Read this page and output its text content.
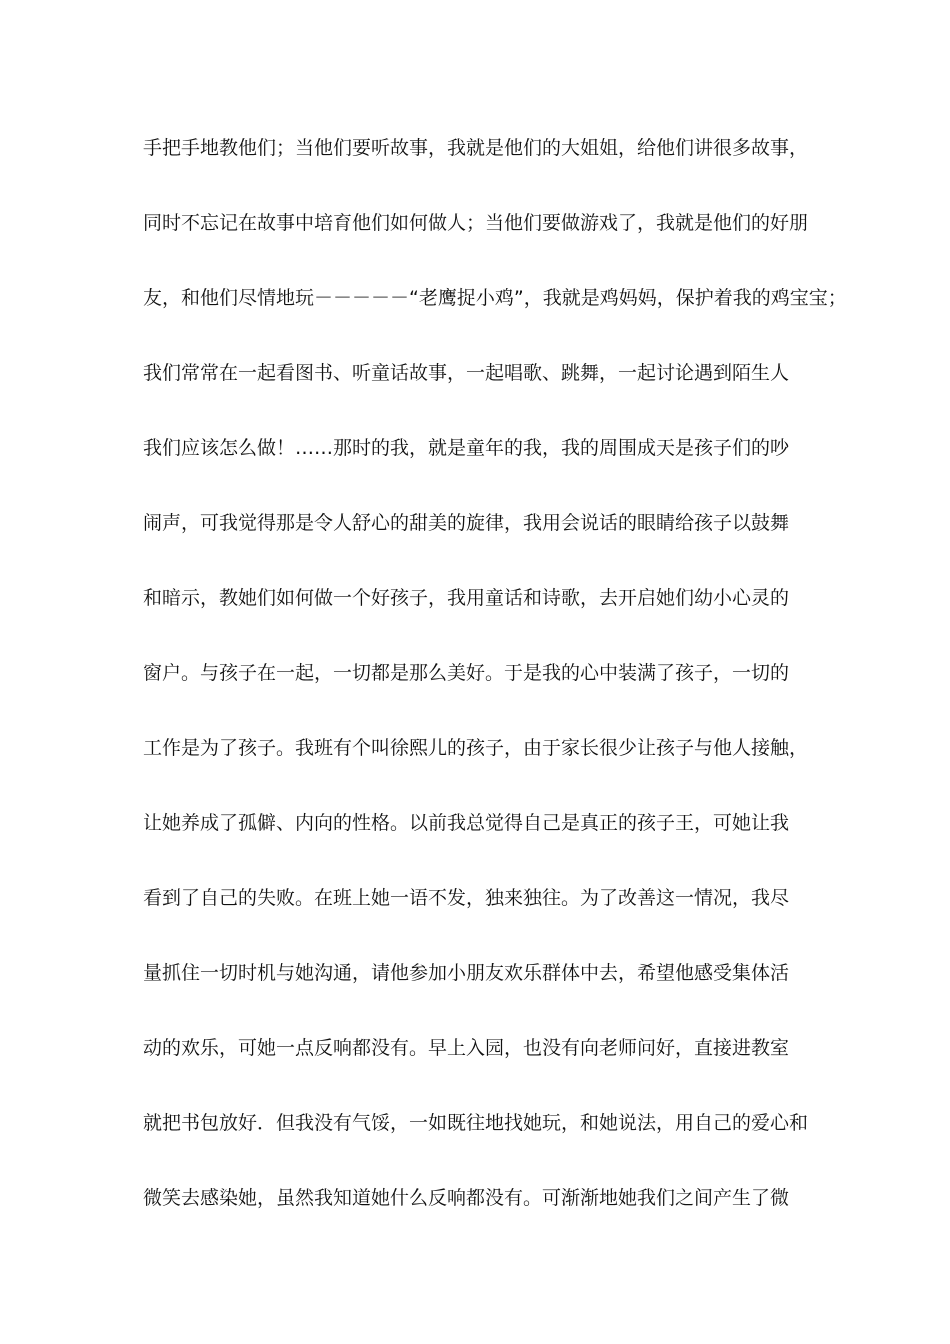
手把手地教他们；当他们要听故事，我就是他们的大姐姐，给他们讲很多故事，
同时不忘记在故事中培育他们如何做人；当他们要做游戏了，我就是他们的好朋
友，和他们尽情地玩－－－－－“老鹰捉小鸡”，我就是鸡妈妈，保护着我的鸡宝宝；
我们常常在一起看图书、听童话故事，一起唱歌、跳舞，一起讨论遇到陌生人
我们应该怎么做！……那时的我，就是童年的我，我的周围成天是孩子们的吵
闹声，可我觉得那是令人舒心的甜美的旋律，我用会说话的眼睛给孩子以鼓舞
和暗示，教她们如何做一个好孩子，我用童话和诗歌，去开启她们幼小心灵的
窗户。与孩子在一起，一切都是那么美好。于是我的心中装满了孩子，一切的
工作是为了孩子。我班有个叫徐熙儿的孩子，由于家长很少让孩子与他人接触，
让她养成了孤僻、内向的性格。以前我总觉得自己是真正的孩子王，可她让我
看到了自己的失败。在班上她一语不发，独来独往。为了改善这一情况，我尽
量抓住一切时机与她沟通，请他参加小朋友欢乐群体中去，希望他感受集体活
动的欢乐，可她一点反响都没有。早上入园，也没有向老师问好，直接进教室
就把书包放好．但我没有气馁，一如既往地找她玩，和她说法，用自己的爱心和
微笑去感染她，虽然我知道她什么反响都没有。可渐渐地她我们之间产生了微
